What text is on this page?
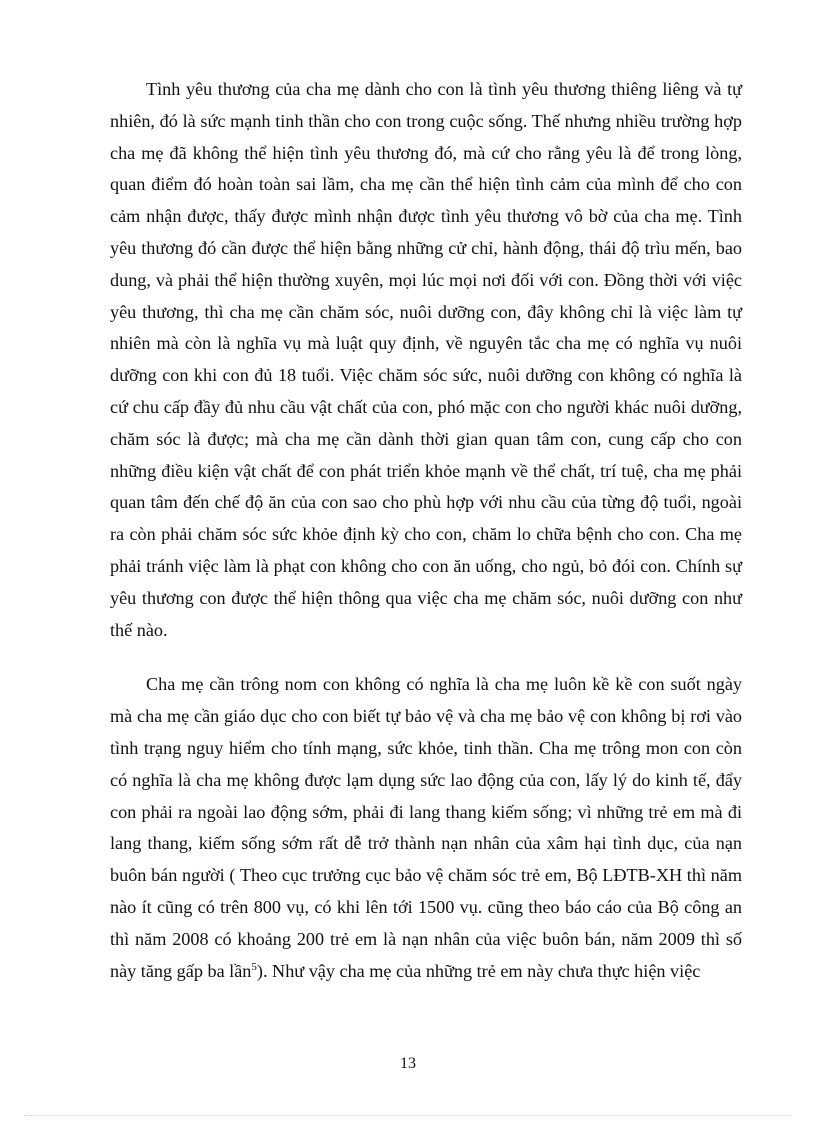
Tình yêu thương của cha mẹ dành cho con là tình yêu thương thiêng liêng và tự nhiên, đó là sức mạnh tinh thần cho con trong cuộc sống. Thế nhưng nhiều trường hợp cha mẹ đã không thể hiện tình yêu thương đó, mà cứ cho rằng yêu là để trong lòng, quan điểm đó hoàn toàn sai lầm, cha mẹ cần thể hiện tình cảm của mình để cho con cảm nhận được, thấy được mình nhận được tình yêu thương vô bờ của cha mẹ. Tình yêu thương đó cần được thể hiện bằng những cử chỉ, hành động, thái độ trìu mến, bao dung, và phải thể hiện thường xuyên, mọi lúc mọi nơi đối với con. Đồng thời với việc yêu thương, thì cha mẹ cần chăm sóc, nuôi dưỡng con, đây không chỉ là việc làm tự nhiên mà còn là nghĩa vụ mà luật quy định, về nguyên tắc cha mẹ có nghĩa vụ nuôi dưỡng con khi con đủ 18 tuổi. Việc chăm sóc sức, nuôi dưỡng con không có nghĩa là cứ chu cấp đầy đủ nhu cầu vật chất của con, phó mặc con cho người khác nuôi dưỡng, chăm sóc là được; mà cha mẹ cần dành thời gian quan tâm con, cung cấp cho con những điều kiện vật chất để con phát triển khỏe mạnh về thể chất, trí tuệ, cha mẹ phải quan tâm đến chế độ ăn của con sao cho phù hợp với nhu cầu của từng độ tuổi, ngoài ra còn phải chăm sóc sức khỏe định kỳ cho con, chăm lo chữa bệnh cho con. Cha mẹ phải tránh việc làm là phạt con không cho con ăn uống, cho ngủ, bỏ đói con. Chính sự yêu thương con được thể hiện thông qua việc cha mẹ chăm sóc, nuôi dưỡng con như thế nào.

Cha mẹ cần trông nom con không có nghĩa là cha mẹ luôn kề kề con suốt ngày mà cha mẹ cần giáo dục cho con biết tự bảo vệ và cha mẹ bảo vệ con không bị rơi vào tình trạng nguy hiểm cho tính mạng, sức khỏe, tinh thần. Cha mẹ trông mon con còn có nghĩa là cha mẹ không được lạm dụng sức lao động của con, lấy lý do kinh tế, đẩy con phải ra ngoài lao động sớm, phải đi lang thang kiếm sống; vì những trẻ em mà đi lang thang, kiếm sống sớm rất dễ trở thành nạn nhân của xâm hại tình dục, của nạn buôn bán người ( Theo cục trưởng cục bảo vệ chăm sóc trẻ em, Bộ LĐTB-XH thì năm nào ít cũng có trên 800 vụ, có khi lên tới 1500 vụ. cũng theo báo cáo của Bộ công an thì năm 2008 có khoảng 200 trẻ em là nạn nhân của việc buôn bán, năm 2009 thì số này tăng gấp ba lần$^5$). Như vậy cha mẹ của những trẻ em này chưa thực hiện việc

13
